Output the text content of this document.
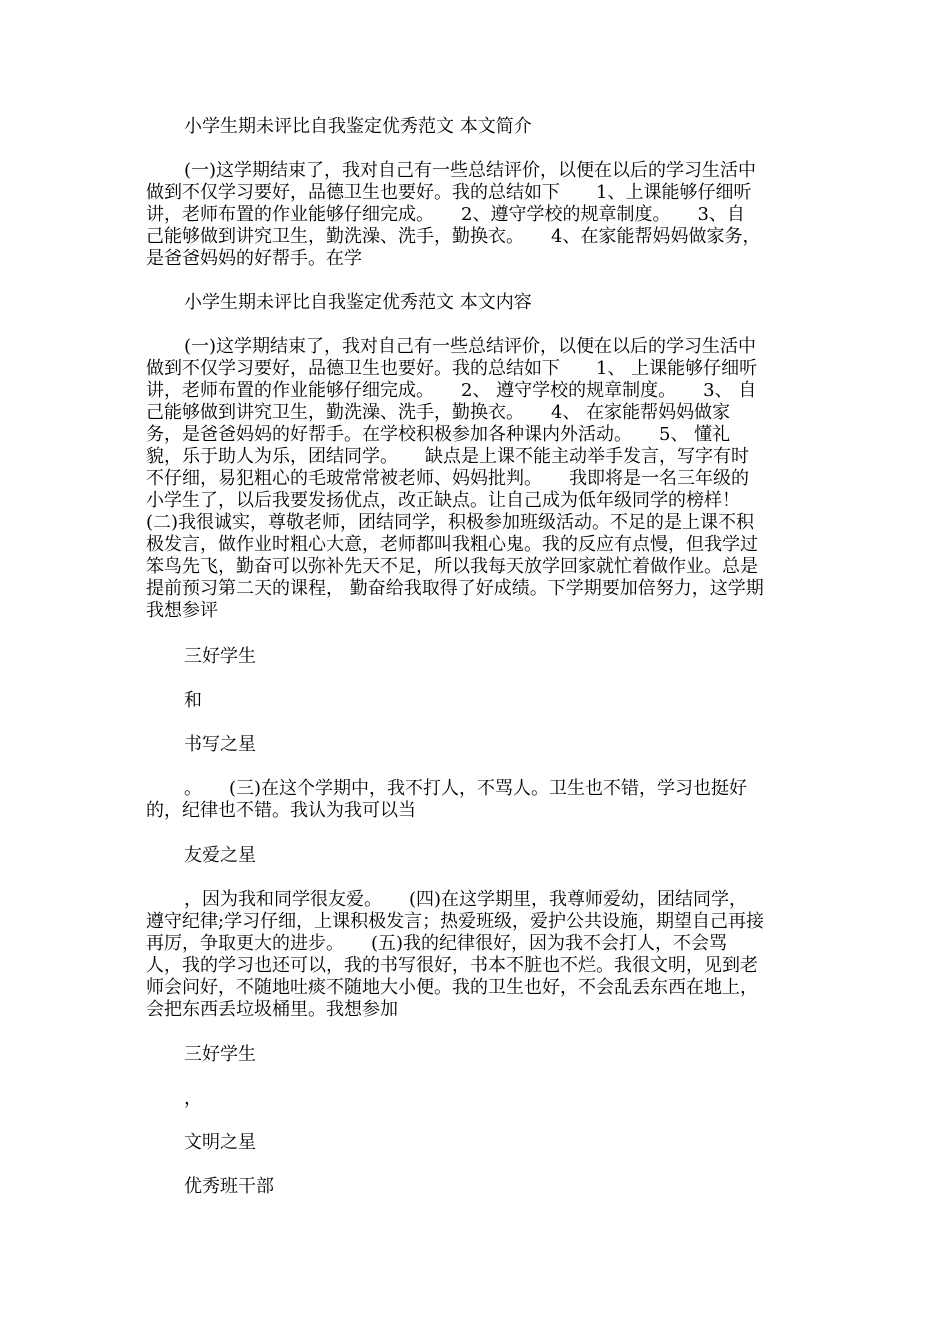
小学生期未评比自我鉴定优秀范文 本文简介
(一)这学期结束了，我对自己有一些总结评价，以便在以后的学习生活中
做到不仅学习要好，品德卫生也要好。我的总结如下　　1、上课能够仔细听
讲，老师布置的作业能够仔细完成。　　2、遵守学校的规章制度。　　3、自
己能够做到讲究卫生，勤洗澡、洗手，勤换衣。　　4、在家能帮妈妈做家务，
是爸爸妈妈的好帮手。在学
小学生期未评比自我鉴定优秀范文 本文内容
(一)这学期结束了，我对自己有一些总结评价，以便在以后的学习生活中
做到不仅学习要好，品德卫生也要好。我的总结如下　　1、 上课能够仔细听
讲，老师布置的作业能够仔细完成。　　2、 遵守学校的规章制度。　　3、 自
己能够做到讲究卫生，勤洗澡、洗手，勤换衣。　　4、 在家能帮妈妈做家
务，是爸爸妈妈的好帮手。在学校积极参加各种课内外活动。　　5、 懂礼
貌，乐于助人为乐，团结同学。　　缺点是上课不能主动举手发言，写字有时
不仔细，易犯粗心的毛玻常常被老师、妈妈批判。　　我即将是一名三年级的
小学生了，以后我要发扬优点，改正缺点。让自己成为低年级同学的榜样！
(二)我很诚实，尊敬老师，团结同学，积极参加班级活动。不足的是上课不积
极发言，做作业时粗心大意，老师都叫我粗心鬼。我的反应有点慢，但我学过
笨鸟先飞，勤奋可以弥补先天不足，所以我每天放学回家就忙着做作业。总是
提前预习第二天的课程， 勤奋给我取得了好成绩。下学期要加倍努力，这学期
我想参评
三好学生
和
书写之星
。　　(三)在这个学期中，我不打人，不骂人。卫生也不错，学习也挺好
的，纪律也不错。我认为我可以当
友爱之星
，因为我和同学很友爱。　　(四)在这学期里，我尊师爱幼，团结同学，
遵守纪律;学习仔细，上课积极发言；热爱班级，爱护公共设施，期望自己再接
再厉，争取更大的进步。　　(五)我的纪律很好，因为我不会打人，不会骂
人，我的学习也还可以，我的书写很好，书本不脏也不烂。我很文明，见到老
师会问好，不随地吐痰不随地大小便。我的卫生也好，不会乱丢东西在地上，
会把东西丢垃圾桶里。我想参加
三好学生
，
文明之星
优秀班干部
